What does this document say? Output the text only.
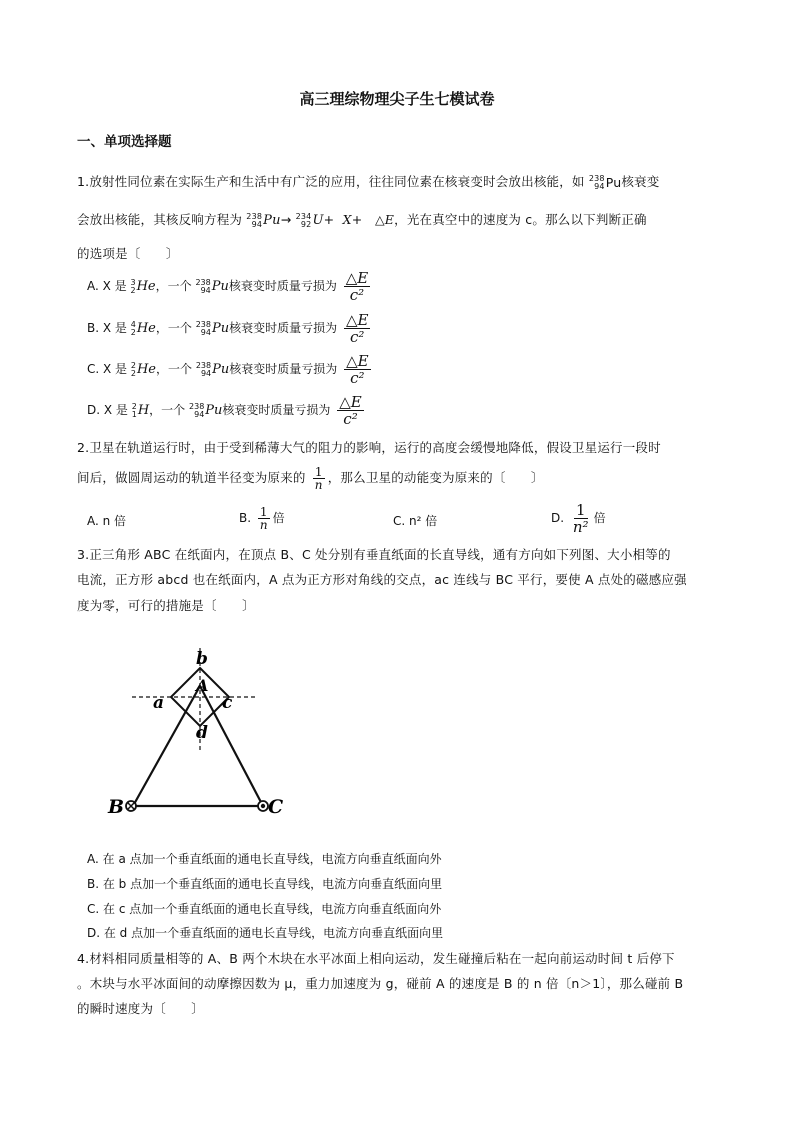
高三理综物理尖子生七模试卷
一、单项选择题
1.放射性同位素在实际生产和生活中有广泛的应用，往往同位素在核衰变时会放出核能，如 238
94 Pu 核衰变
会放出核能，其核反响方程为 238
94 Pu → 234
92 U + X+ △E，光在真空中的速度为 c。那么以下判断正确
的选项是〔　　〕
A. X 是 3
2 He ，一个 238
94 Pu 核衰变时质量亏损为 $\frac{\triangle E}{\text{c²}}$
B. X 是 4
2 He ，一个 238
94 Pu 核衰变时质量亏损为 $\frac{\triangle E}{\text{c²}}$
C. X 是 2
2 He ，一个 238
94 Pu 核衰变时质量亏损为 $\frac{\triangle E}{\text{c²}}$
D. X 是 2
1 H ，一个 238
94 Pu 核衰变时质量亏损为 $\frac{\triangle E}{\text{c²}}$
2.卫星在轨道运行时，由于受到稀薄大气的阻力的影响，运行的高度会缓慢地降低，假设卫星运行一段时
间后，做圆周运动的轨道半径变为原来的 $\frac{1}{n}$ ，那么卫星的动能变为原来的〔　　〕
A. n 倍	B. $\frac{1}{n}$ 倍	C. n² 倍	D. $\frac{1}{\text{n²}}$ 倍
3.正三角形 ABC 在纸面内，在顶点 B、C 处分别有垂直纸面的长直导线，通有方向如下列图、大小相等的
电流，正方形 abcd 也在纸面内，A 点为正方形对角线的交点，ac 连线与 BC 平行，要使 A 点处的磁感应强
度为零，可行的措施是〔　　〕
b
A
a	c
d
B	C
A. 在 a 点加一个垂直纸面的通电长直导线，电流方向垂直纸面向外
B. 在 b 点加一个垂直纸面的通电长直导线，电流方向垂直纸面向里
C. 在 c 点加一个垂直纸面的通电长直导线，电流方向垂直纸面向外
D. 在 d 点加一个垂直纸面的通电长直导线，电流方向垂直纸面向里
4.材料相同质量相等的 A、B 两个木块在水平冰面上相向运动，发生碰撞后粘在一起向前运动时间 t 后停下
。木块与水平冰面间的动摩擦因数为 μ，重力加速度为 g，碰前 A 的速度是 B 的 n 倍〔n＞1〕，那么碰前 B
的瞬时速度为〔　　〕
